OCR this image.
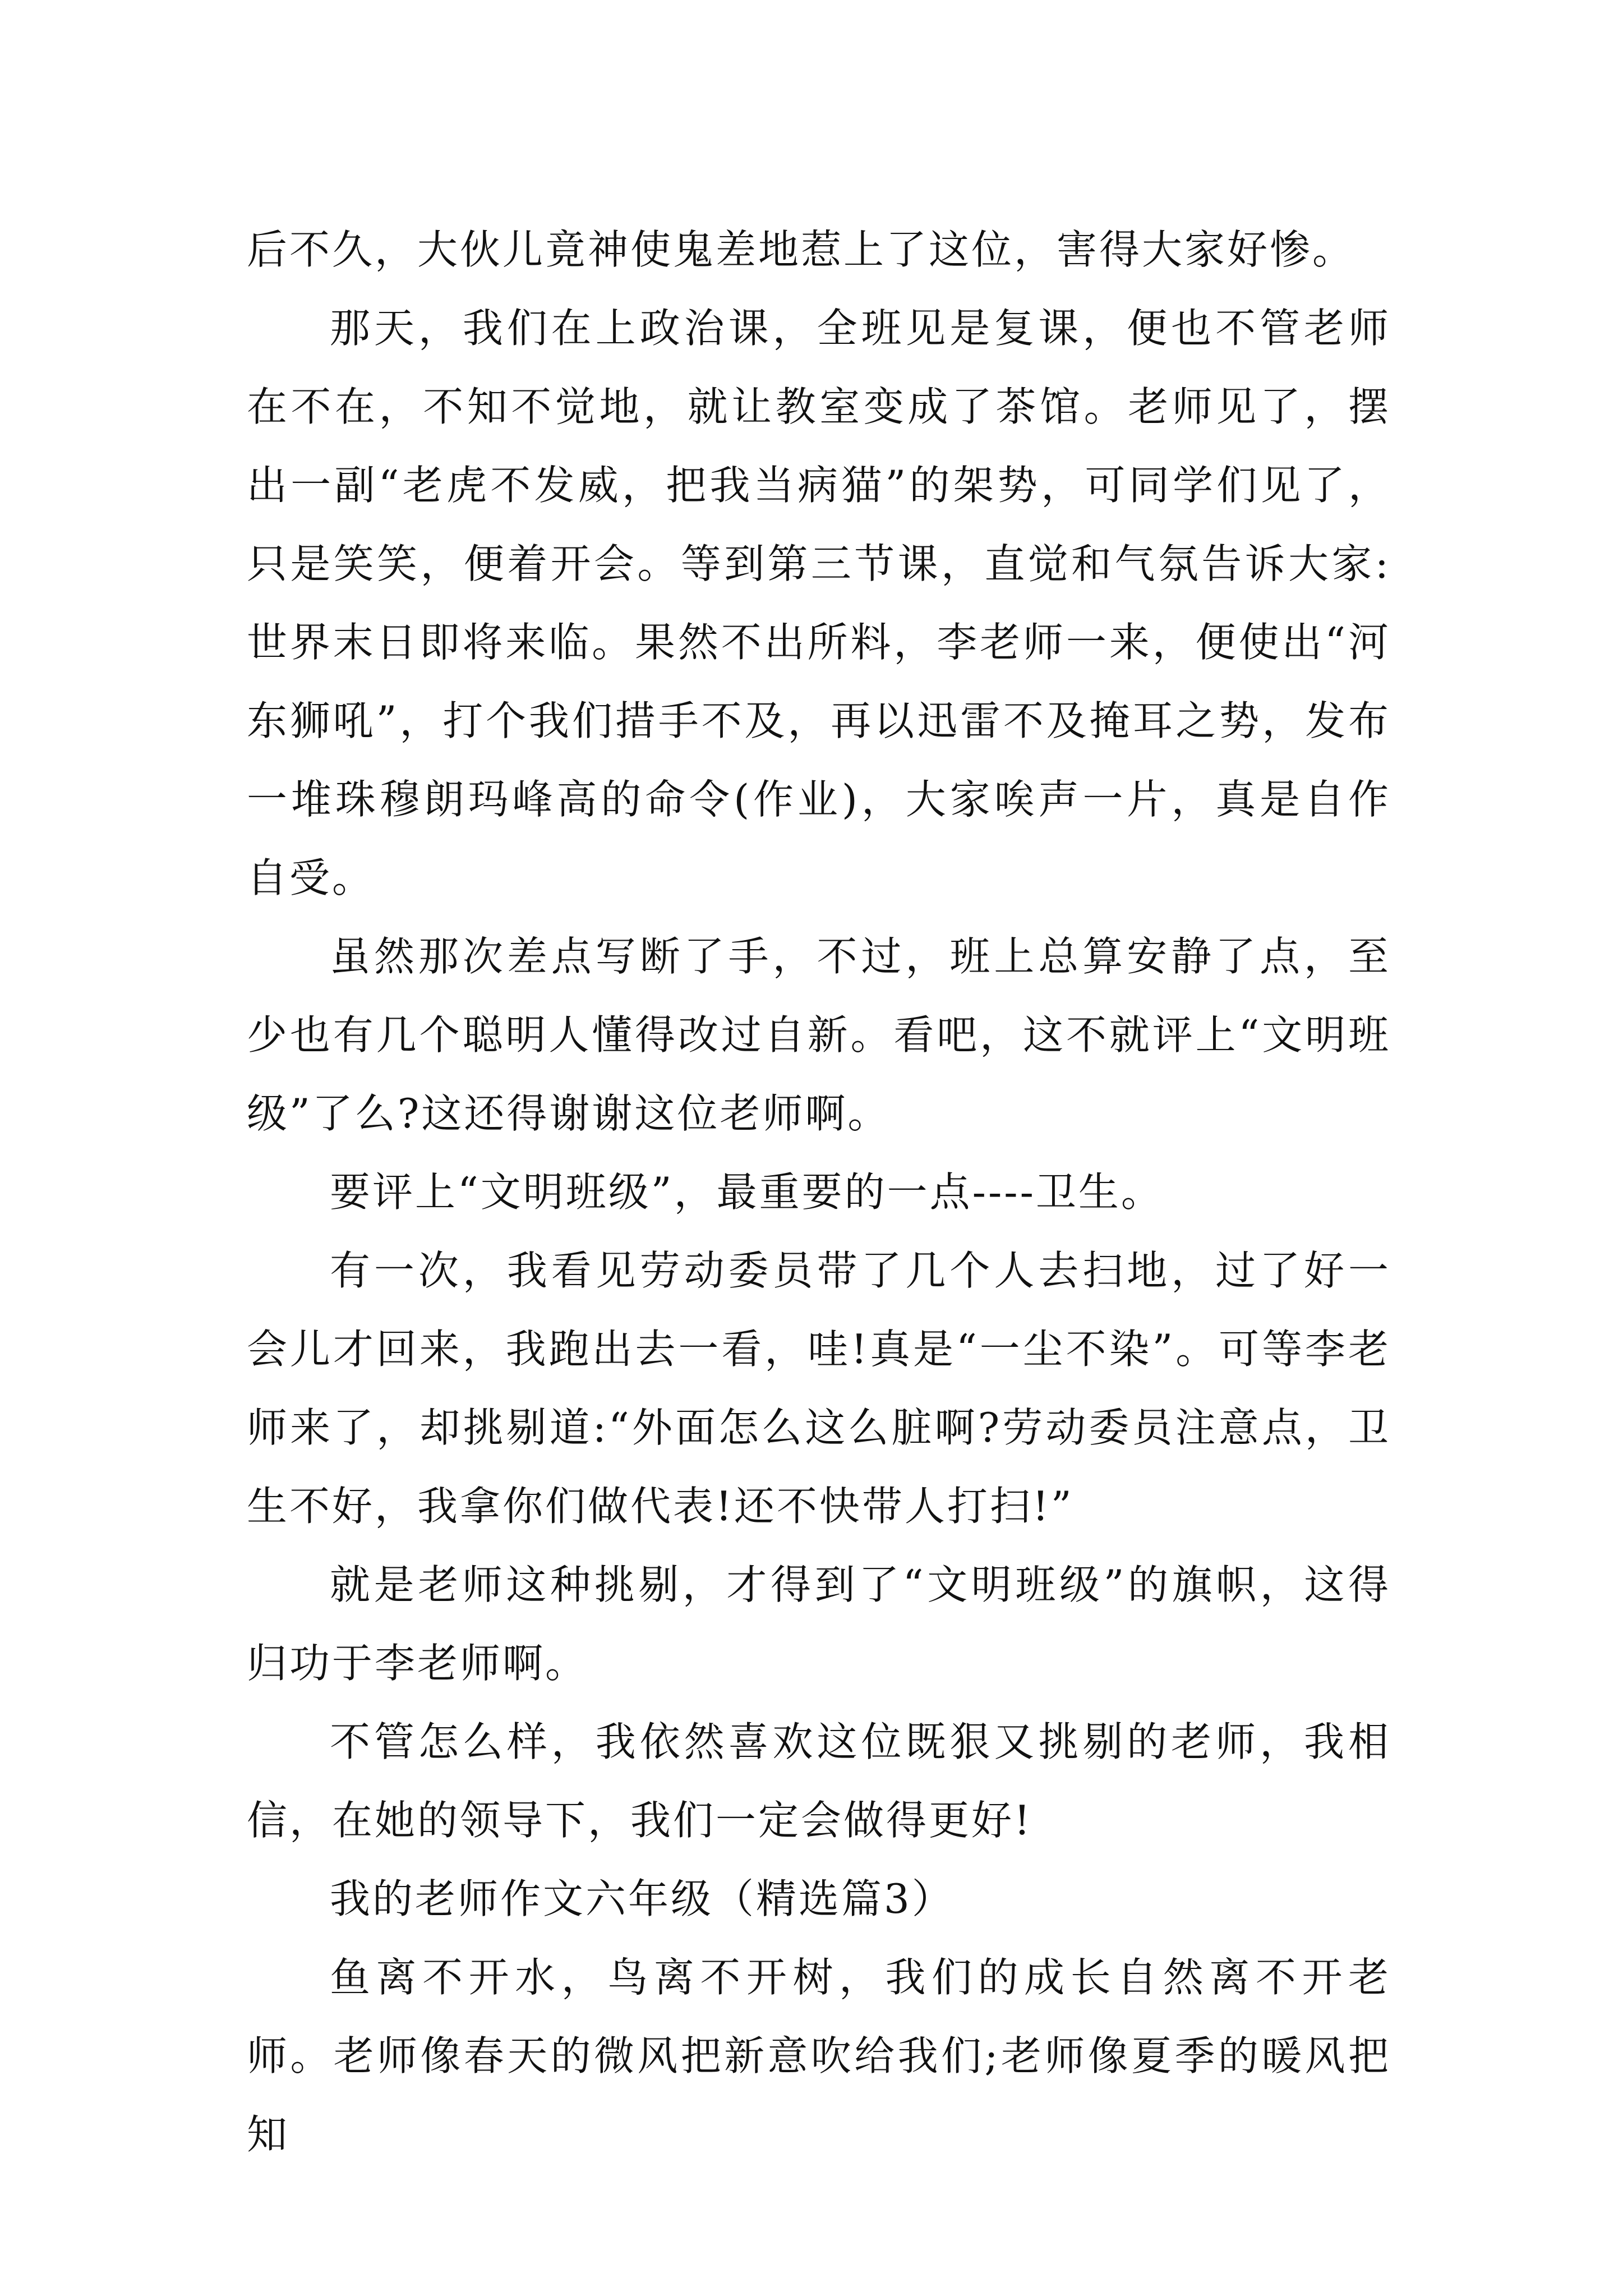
后不久，大伙儿竟神使鬼差地惹上了这位，害得大家好惨。

那天，我们在上政治课，全班见是复课，便也不管老师在不在，不知不觉地，就让教室变成了茶馆。老师见了，摆出一副“老虎不发威，把我当病猫”的架势，可同学们见了，只是笑笑，便着开会。等到第三节课，直觉和气氛告诉大家:世界末日即将来临。果然不出所料，李老师一来，便使出“河东狮吼”，打个我们措手不及，再以迅雷不及掩耳之势，发布一堆珠穆朗玛峰高的命令(作业)，大家唉声一片，真是自作自受。

虽然那次差点写断了手，不过，班上总算安静了点，至少也有几个聪明人懂得改过自新。看吧，这不就评上“文明班级”了么?这还得谢谢这位老师啊。

要评上“文明班级”，最重要的一点----卫生。

有一次，我看见劳动委员带了几个人去扫地，过了好一会儿才回来，我跑出去一看，哇!真是“一尘不染”。可等李老师来了，却挑剔道:“外面怎么这么脏啊?劳动委员注意点，卫生不好，我拿你们做代表!还不快带人打扫!”

就是老师这种挑剔，才得到了“文明班级”的旗帜，这得归功于李老师啊。

不管怎么样，我依然喜欢这位既狠又挑剔的老师，我相信，在她的领导下，我们一定会做得更好!

我的老师作文六年级（精选篇3）

鱼离不开水，鸟离不开树，我们的成长自然离不开老师。老师像春天的微风把新意吹给我们;老师像夏季的暖风把知
